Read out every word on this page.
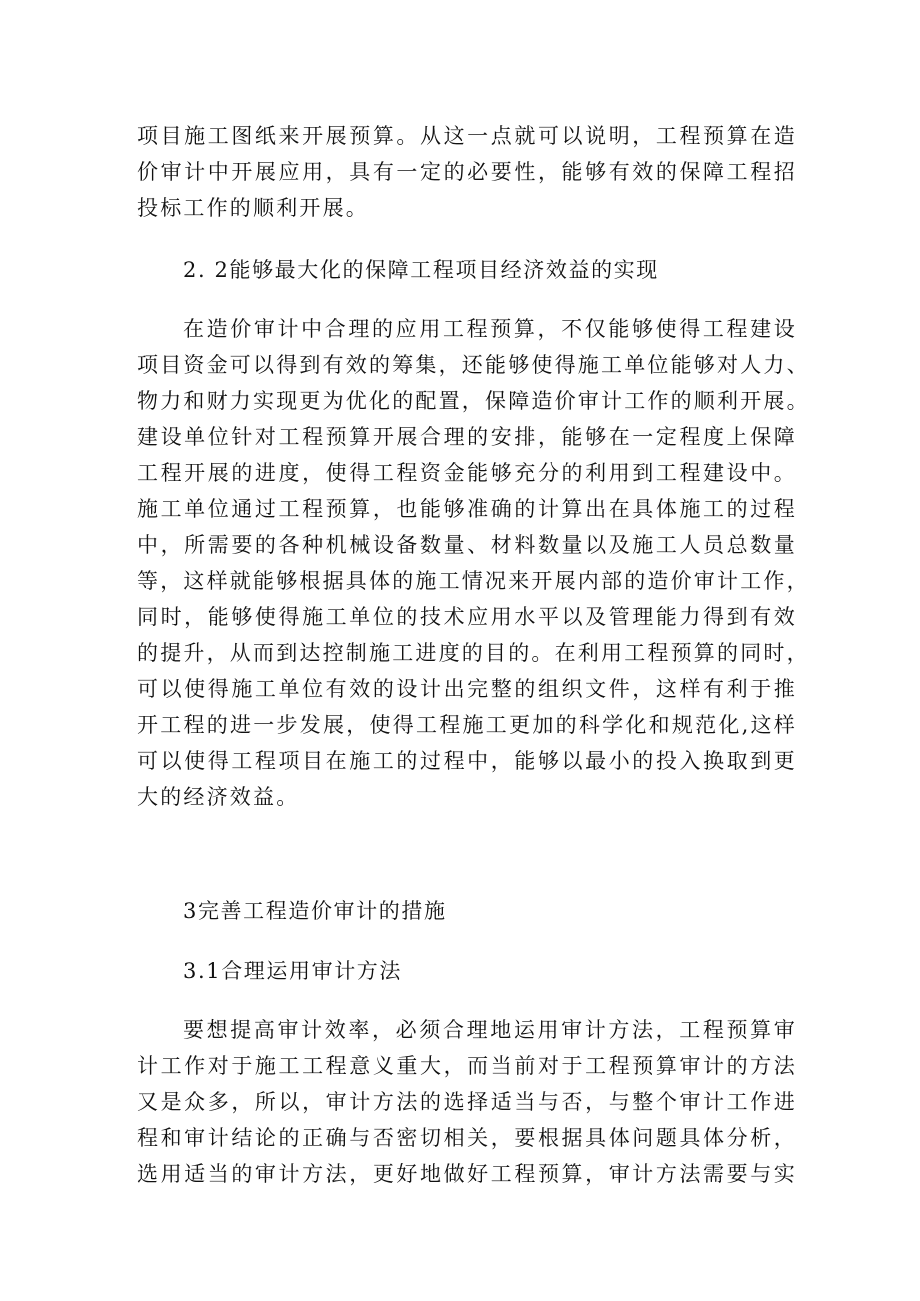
项目施工图纸来开展预算。从这一点就可以说明，工程预算在造
价审计中开展应用，具有一定的必要性，能够有效的保障工程招
投标工作的顺利开展。
2. 2能够最大化的保障工程项目经济效益的实现
在造价审计中合理的应用工程预算，不仅能够使得工程建设
项目资金可以得到有效的筹集，还能够使得施工单位能够对人力、
物力和财力实现更为优化的配置，保障造价审计工作的顺利开展。
建设单位针对工程预算开展合理的安排，能够在一定程度上保障
工程开展的进度，使得工程资金能够充分的利用到工程建设中。
施工单位通过工程预算，也能够准确的计算出在具体施工的过程
中，所需要的各种机械设备数量、材料数量以及施工人员总数量
等，这样就能够根据具体的施工情况来开展内部的造价审计工作，
同时，能够使得施工单位的技术应用水平以及管理能力得到有效
的提升，从而到达控制施工进度的目的。在利用工程预算的同时，
可以使得施工单位有效的设计出完整的组织文件，这样有利于推
开工程的进一步发展，使得工程施工更加的科学化和规范化,这样
可以使得工程项目在施工的过程中，能够以最小的投入换取到更
大的经济效益。
3完善工程造价审计的措施
3.1合理运用审计方法
要想提高审计效率，必须合理地运用审计方法，工程预算审
计工作对于施工工程意义重大，而当前对于工程预算审计的方法
又是众多，所以，审计方法的选择适当与否，与整个审计工作进
程和审计结论的正确与否密切相关，要根据具体问题具体分析，
选用适当的审计方法，更好地做好工程预算，审计方法需要与实
